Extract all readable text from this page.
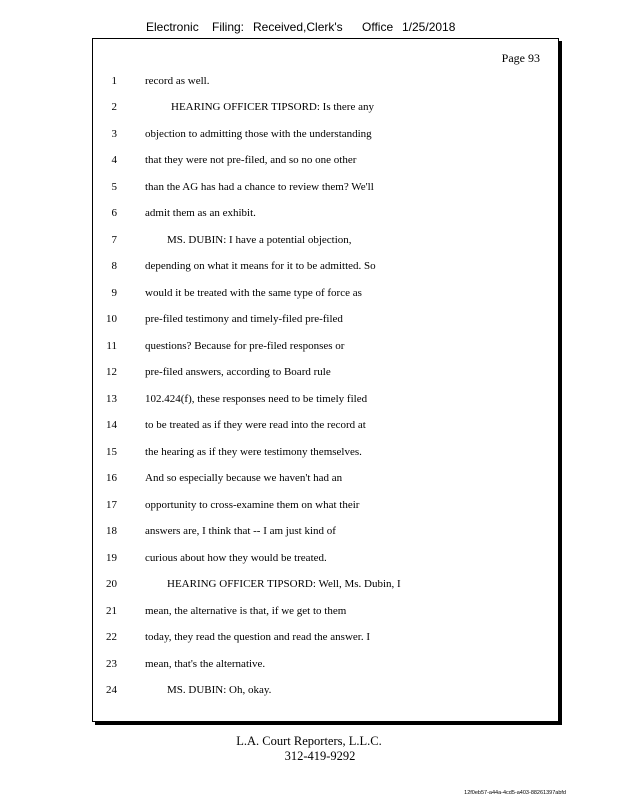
Electronic Filing: Received,Clerk's Office 1/25/2018
Page 93
1	record as well.
2	HEARING OFFICER TIPSORD: Is there any
3	objection to admitting those with the understanding
4	that they were not pre-filed, and so no one other
5	than the AG has had a chance to review them? We'll
6	admit them as an exhibit.
7	MS. DUBIN: I have a potential objection,
8	depending on what it means for it to be admitted. So
9	would it be treated with the same type of force as
10	pre-filed testimony and timely-filed pre-filed
11	questions? Because for pre-filed responses or
12	pre-filed answers, according to Board rule
13	102.424(f), these responses need to be timely filed
14	to be treated as if they were read into the record at
15	the hearing as if they were testimony themselves.
16	And so especially because we haven't had an
17	opportunity to cross-examine them on what their
18	answers are, I think that -- I am just kind of
19	curious about how they would be treated.
20	HEARING OFFICER TIPSORD: Well, Ms. Dubin, I
21	mean, the alternative is that, if we get to them
22	today, they read the question and read the answer. I
23	mean, that's the alternative.
24	MS. DUBIN: Oh, okay.
L.A. Court Reporters, L.L.C.
312-419-9292
12f0eb57-a44a-4cd5-a403-88261397abfd
